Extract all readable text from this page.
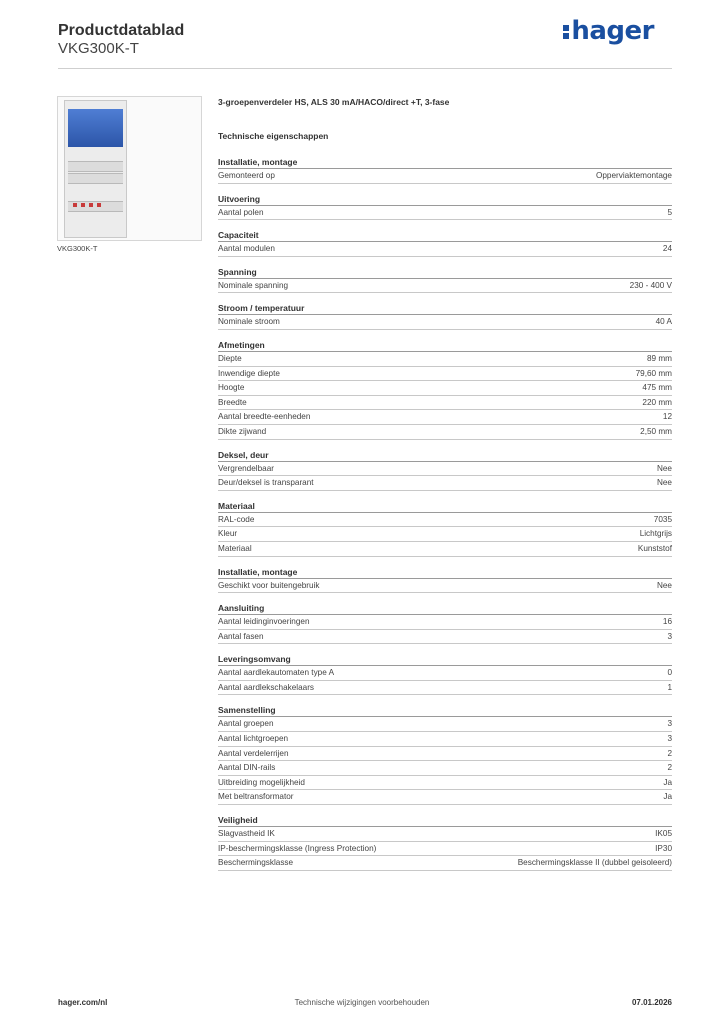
Productdatablad
VKG300K-T
hager
VKG300K-T
3-groepenverdeler HS, ALS 30 mA/HACO/direct +T, 3-fase
Technische eigenschappen
Installatie, montage
Gemonteerd op	Opperviaktemontage
Uitvoering
Aantal polen	5
Capaciteit
Aantal modulen	24
Spanning
Nominale spanning	230 - 400 V
Stroom / temperatuur
Nominale stroom	40 A
Afmetingen
Diepte	89 mm
Inwendige diepte	79,60 mm
Hoogte	475 mm
Breedte	220 mm
Aantal breedte-eenheden	12
Dikte zijwand	2,50 mm
Deksel, deur
Vergrendelbaar	Nee
Deur/deksel is transparant	Nee
Materiaal
RAL-code	7035
Kleur	Lichtgrijs
Materiaal	Kunststof
Installatie, montage
Geschikt voor buitengebruik	Nee
Aansluiting
Aantal leidinginvoeringen	16
Aantal fasen	3
Leveringsomvang
Aantal aardlekautomaten type A	0
Aantal aardlekschakelaars	1
Samenstelling
Aantal groepen	3
Aantal lichtgroepen	3
Aantal verdelerrijen	2
Aantal DIN-rails	2
Uitbreiding mogelijkheid	Ja
Met beltransformator	Ja
Veiligheid
Slagvastheid IK	IK05
IP-beschermingsklasse (Ingress Protection)	IP30
Beschermingsklasse	Beschermingsklasse II (dubbel geisoleerd)
hager.com/nl	Technische wijzigingen voorbehouden	07.01.2026
